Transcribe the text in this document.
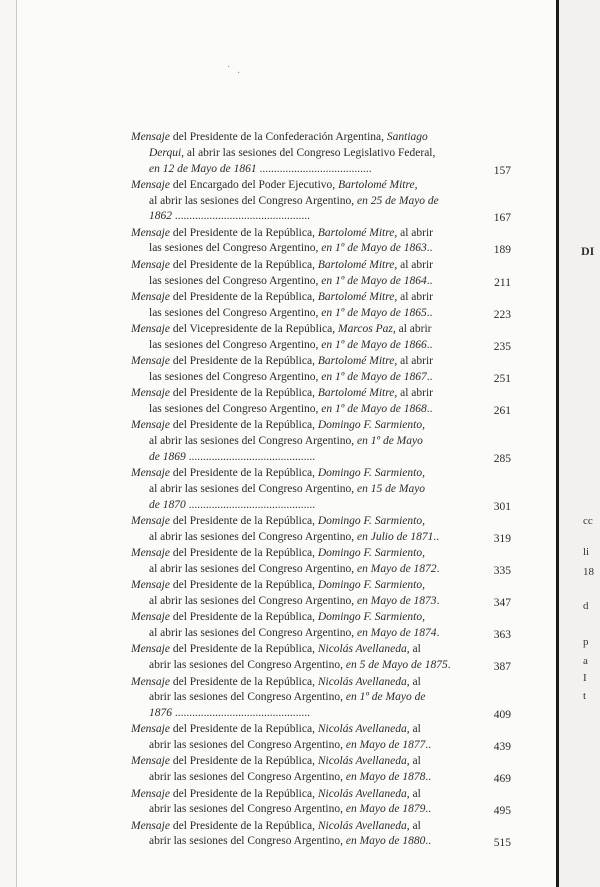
·
·
Mensaje del Presidente de la Confederación Argentina, Santiago
Derqui, al abrir las sesiones del Congreso Legislativo Federal,
en 12 de Mayo de 1861 .......................................	157
Mensaje del Encargado del Poder Ejecutivo, Bartolomé Mitre,
al abrir las sesiones del Congreso Argentino, en 25 de Mayo de
1862 ...............................................	167
Mensaje del Presidente de la República, Bartolomé Mitre, al abrir
las sesiones del Congreso Argentino, en 1º de Mayo de 1863..	189
Mensaje del Presidente de la República, Bartolomé Mitre, al abrir
las sesiones del Congreso Argentino, en 1º de Mayo de 1864..	211
Mensaje del Presidente de la República, Bartolomé Mitre, al abrir
las sesiones del Congreso Argentino, en 1º de Mayo de 1865..	223
Mensaje del Vicepresidente de la República, Marcos Paz, al abrir
las sesiones del Congreso Argentino, en 1º de Mayo de 1866..	235
Mensaje del Presidente de la República, Bartolomé Mitre, al abrir
las sesiones del Congreso Argentino, en 1º de Mayo de 1867..	251
Mensaje del Presidente de la República, Bartolomé Mitre, al abrir
las sesiones del Congreso Argentino, en 1º de Mayo de 1868..	261
Mensaje del Presidente de la República, Domingo F. Sarmiento,
al abrir las sesiones del Congreso Argentino, en 1º de Mayo
de 1869 ............................................	285
Mensaje del Presidente de la República, Domingo F. Sarmiento,
al abrir las sesiones del Congreso Argentino, en 15 de Mayo
de 1870 ............................................	301
Mensaje del Presidente de la República, Domingo F. Sarmiento,
al abrir las sesiones del Congreso Argentino, en Julio de 1871..	319
Mensaje del Presidente de la República, Domingo F. Sarmiento,
al abrir las sesiones del Congreso Argentino, en Mayo de 1872.	335
Mensaje del Presidente de la República, Domingo F. Sarmiento,
al abrir las sesiones del Congreso Argentino, en Mayo de 1873.	347
Mensaje del Presidente de la República, Domingo F. Sarmiento,
al abrir las sesiones del Congreso Argentino, en Mayo de 1874.	363
Mensaje del Presidente de la República, Nicolás Avellaneda, al
abrir las sesiones del Congreso Argentino, en 5 de Mayo de 1875.	387
Mensaje del Presidente de la República, Nicolás Avellaneda, al
abrir las sesiones del Congreso Argentino, en 1º de Mayo de
1876 ...............................................	409
Mensaje del Presidente de la República, Nicolás Avellaneda, al
abrir las sesiones del Congreso Argentino, en Mayo de 1877..	439
Mensaje del Presidente de la República, Nicolás Avellaneda, al
abrir las sesiones del Congreso Argentino, en Mayo de 1878..	469
Mensaje del Presidente de la República, Nicolás Avellaneda, al
abrir las sesiones del Congreso Argentino, en Mayo de 1879..	495
Mensaje del Presidente de la República, Nicolás Avellaneda, al
abrir las sesiones del Congreso Argentino, en Mayo de 1880..	515
DI
cc
li
18
d
p
a
I
t
